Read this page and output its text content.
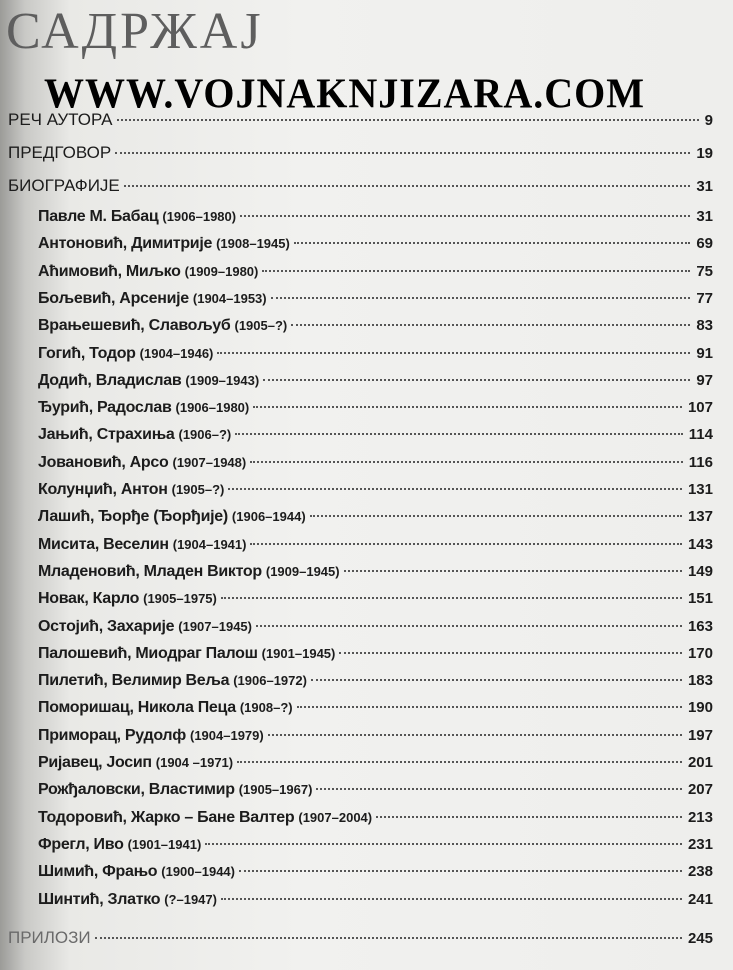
САДРЖАЈ
WWW.VOJNAKNJIZARA.COM
РЕЧ АУТОРА	9
ПРЕДГОВОР	19
БИОГРАФИЈЕ	31
Павле М. Бабац (1906–1980)	31
Антоновић, Димитрије (1908–1945)	69
Аћимовић, Миљко (1909–1980)	75
Бољевић, Арсеније (1904–1953)	77
Врањешевић, Славољуб (1905–?)	83
Гогић, Тодор (1904–1946)	91
Додић, Владислав (1909–1943)	97
Ђурић, Радослав (1906–1980)	107
Јањић, Страхиња (1906–?)	114
Јовановић, Арсо (1907–1948)	116
Колунџић, Антон (1905–?)	131
Лашић, Ђорђе (Ђорђије) (1906–1944)	137
Мисита, Веселин (1904–1941)	143
Младеновић, Младен Виктор (1909–1945)	149
Новак, Карло (1905–1975)	151
Остојић, Захарије (1907–1945)	163
Палошевић, Миодраг Палош (1901–1945)	170
Пилетић, Велимир Веља (1906–1972)	183
Поморишац, Никола Пеца (1908–?)	190
Приморац, Рудолф (1904–1979)	197
Ријавец, Јосип (1904 –1971)	201
Рожђаловски, Властимир (1905–1967)	207
Тодоровић, Жарко – Бане Валтер (1907–2004)	213
Фрегл, Иво (1901–1941)	231
Шимић, Фрањо (1900–1944)	238
Шинтић, Златко (?–1947)	241
ПРИЛОЗИ	245
